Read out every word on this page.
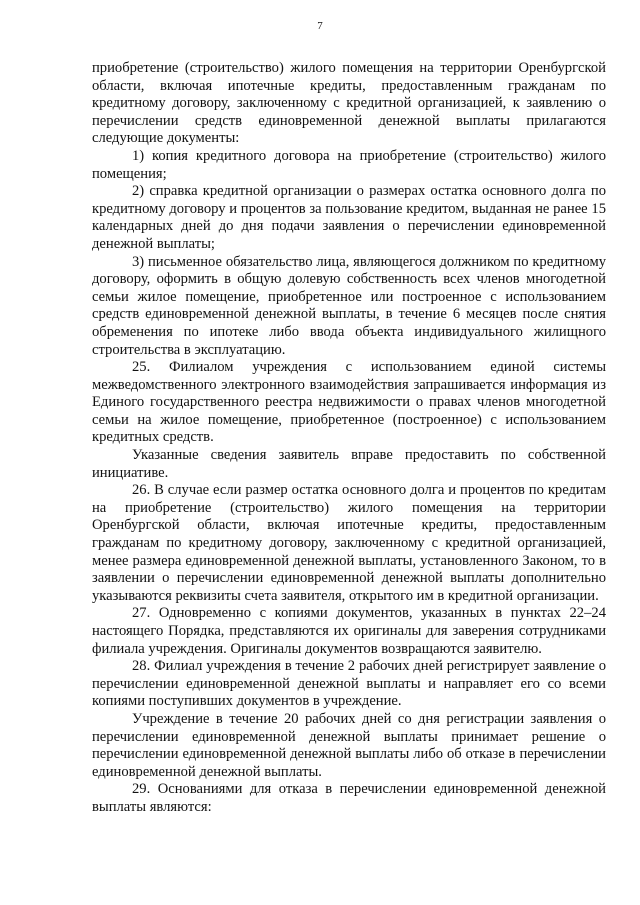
7

приобретение (строительство) жилого помещения на территории Оренбургской области, включая ипотечные кредиты, предоставленным гражданам по кредитному договору, заключенному с кредитной организацией, к заявлению о перечислении средств единовременной денежной выплаты прилагаются следующие документы:

1) копия кредитного договора на приобретение (строительство) жилого помещения;

2) справка кредитной организации о размерах остатка основного долга по кредитному договору и процентов за пользование кредитом, выданная не ранее 15 календарных дней до дня подачи заявления о перечислении единовременной денежной выплаты;

3) письменное обязательство лица, являющегося должником по кредитному договору, оформить в общую долевую собственность всех членов многодетной семьи жилое помещение, приобретенное или построенное с использованием средств единовременной денежной выплаты, в течение 6 месяцев после снятия обременения по ипотеке либо ввода объекта индивидуального жилищного строительства в эксплуатацию.

25. Филиалом учреждения с использованием единой системы межведомственного электронного взаимодействия запрашивается информация из Единого государственного реестра недвижимости о правах членов многодетной семьи на жилое помещение, приобретенное (построенное) с использованием кредитных средств.

Указанные сведения заявитель вправе предоставить по собственной инициативе.

26. В случае если размер остатка основного долга и процентов по кредитам на приобретение (строительство) жилого помещения на территории Оренбургской области, включая ипотечные кредиты, предоставленным гражданам по кредитному договору, заключенному с кредитной организацией, менее размера единовременной денежной выплаты, установленного Законом, то в заявлении о перечислении единовременной денежной выплаты дополнительно указываются реквизиты счета заявителя, открытого им в кредитной организации.

27. Одновременно с копиями документов, указанных в пунктах 22–24 настоящего Порядка, представляются их оригиналы для заверения сотрудниками филиала учреждения. Оригиналы документов возвращаются заявителю.

28. Филиал учреждения в течение 2 рабочих дней регистрирует заявление о перечислении единовременной денежной выплаты и направляет его со всеми копиями поступивших документов в учреждение.

Учреждение в течение 20 рабочих дней со дня регистрации заявления о перечислении единовременной денежной выплаты принимает решение о перечислении единовременной денежной выплаты либо об отказе в перечислении единовременной денежной выплаты.

29. Основаниями для отказа в перечислении единовременной денежной выплаты являются:
